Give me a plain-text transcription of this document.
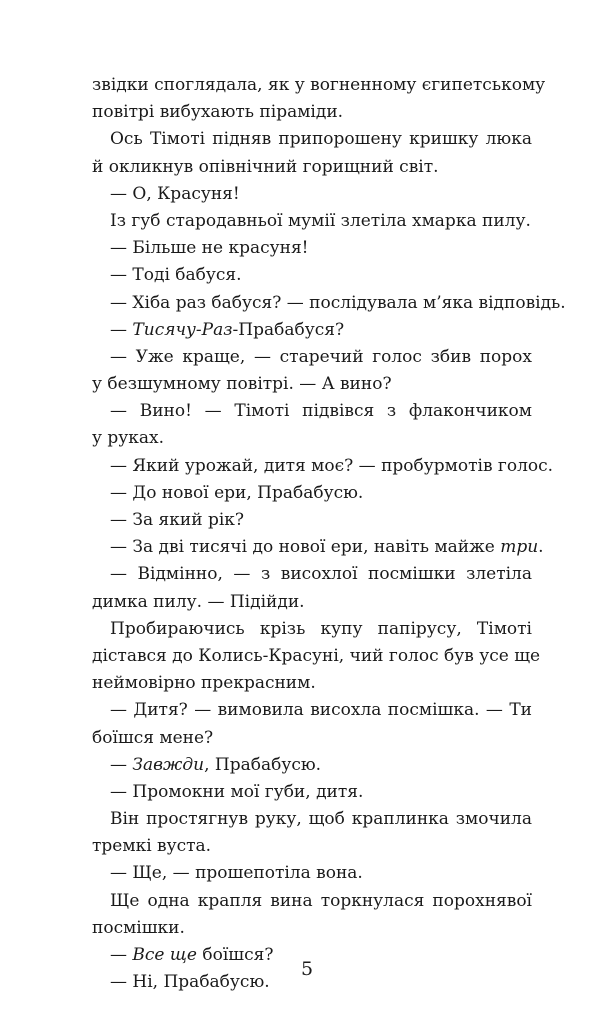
звідки споглядала, як у вогненному єгипетському
повітрі вибухають піраміди.
Ось Тімоті підняв припорошену кришку люка
й окликнув опівнічний горищний світ.
— О, Красуня!
Із губ стародавньої мумії злетіла хмарка пилу.
— Більше не красуня!
— Тоді бабуся.
— Хіба раз бабуся? — послідувала м’яка відповідь.
— Тисячу-Раз-Прабабуся?
— Уже краще, — старечий голос збив порох
у безшумному повітрі. — А вино?
— Вино! — Тімоті підвівся з флакончиком
у руках.
— Який урожай, дитя моє? — пробурмотів голос.
— До нової ери, Прабабусю.
— За який рік?
— За дві тисячі до нової ери, навіть майже три.
— Відмінно, — з висохлої посмішки злетіла
димка пилу. — Підійди.
Пробираючись крізь купу папірусу, Тімоті
дістався до Колись-Красуні, чий голос був усе ще
неймовірно прекрасним.
— Дитя? — вимовила висохла посмішка. — Ти
боїшся мене?
— Завжди, Прабабусю.
— Промокни мої губи, дитя.
Він простягнув руку, щоб краплинка змочила
тремкі вуста.
— Ще, — прошепотіла вона.
Ще одна крапля вина торкнулася порохнявої
посмішки.
— Все ще боїшся?
— Ні, Прабабусю.
5
